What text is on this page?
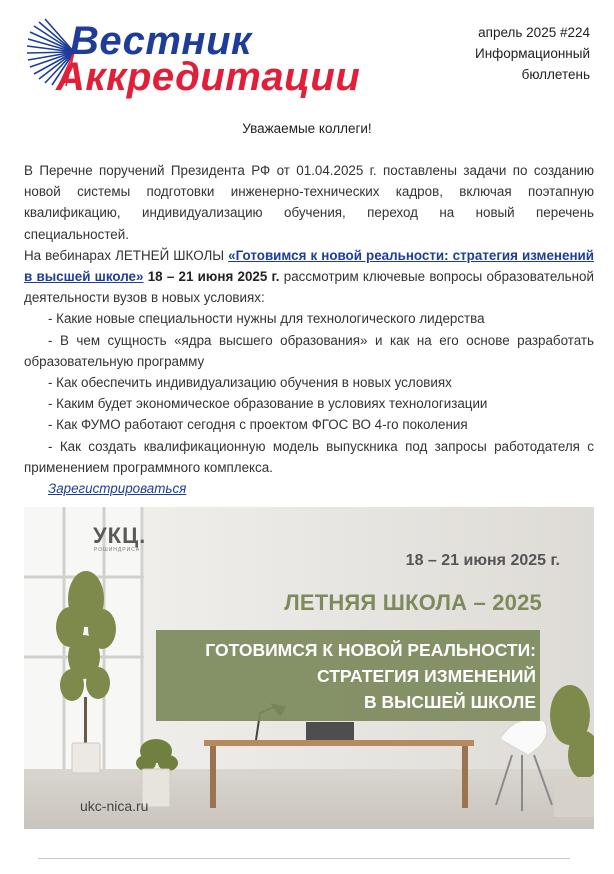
Вестник
Аккредитации
апрель 2025 #224
Информационный
бюллетень
Уважаемые коллеги!

В Перечне поручений Президента РФ от 01.04.2025 г. поставлены задачи по созданию новой системы подготовки инженерно-технических кадров, включая поэтапную квалификацию, индивидуализацию обучения, переход на новый перечень специальностей.

На вебинарах ЛЕТНЕЙ ШКОЛЫ «Готовимся к новой реальности: стратегия изменений в высшей школе» 18 – 21 июня 2025 г. рассмотрим ключевые вопросы образовательной деятельности вузов в новых условиях:

- Какие новые специальности нужны для технологического лидерства

- В чем сущность «ядра высшего образования» и как на его основе разработать образовательную программу

- Как обеспечить индивидуализацию обучения в новых условиях

- Каким будет экономическое образование в условиях технологизации

- Как ФУМО работают сегодня с проектом ФГОС ВО 4-го поколения

- Как создать квалификационную модель выпускника под запросы работодателя с применением программного комплекса.

Зарегистрироваться

УКЦ.
РОШИНДРИСА
18 – 21 июня 2025 г.
ЛЕТНЯЯ ШКОЛА – 2025
ГОТОВИМСЯ К НОВОЙ РЕАЛЬНОСТИ:
СТРАТЕГИЯ ИЗМЕНЕНИЙ
В ВЫСШЕЙ ШКОЛЕ
ukc-nica.ru
